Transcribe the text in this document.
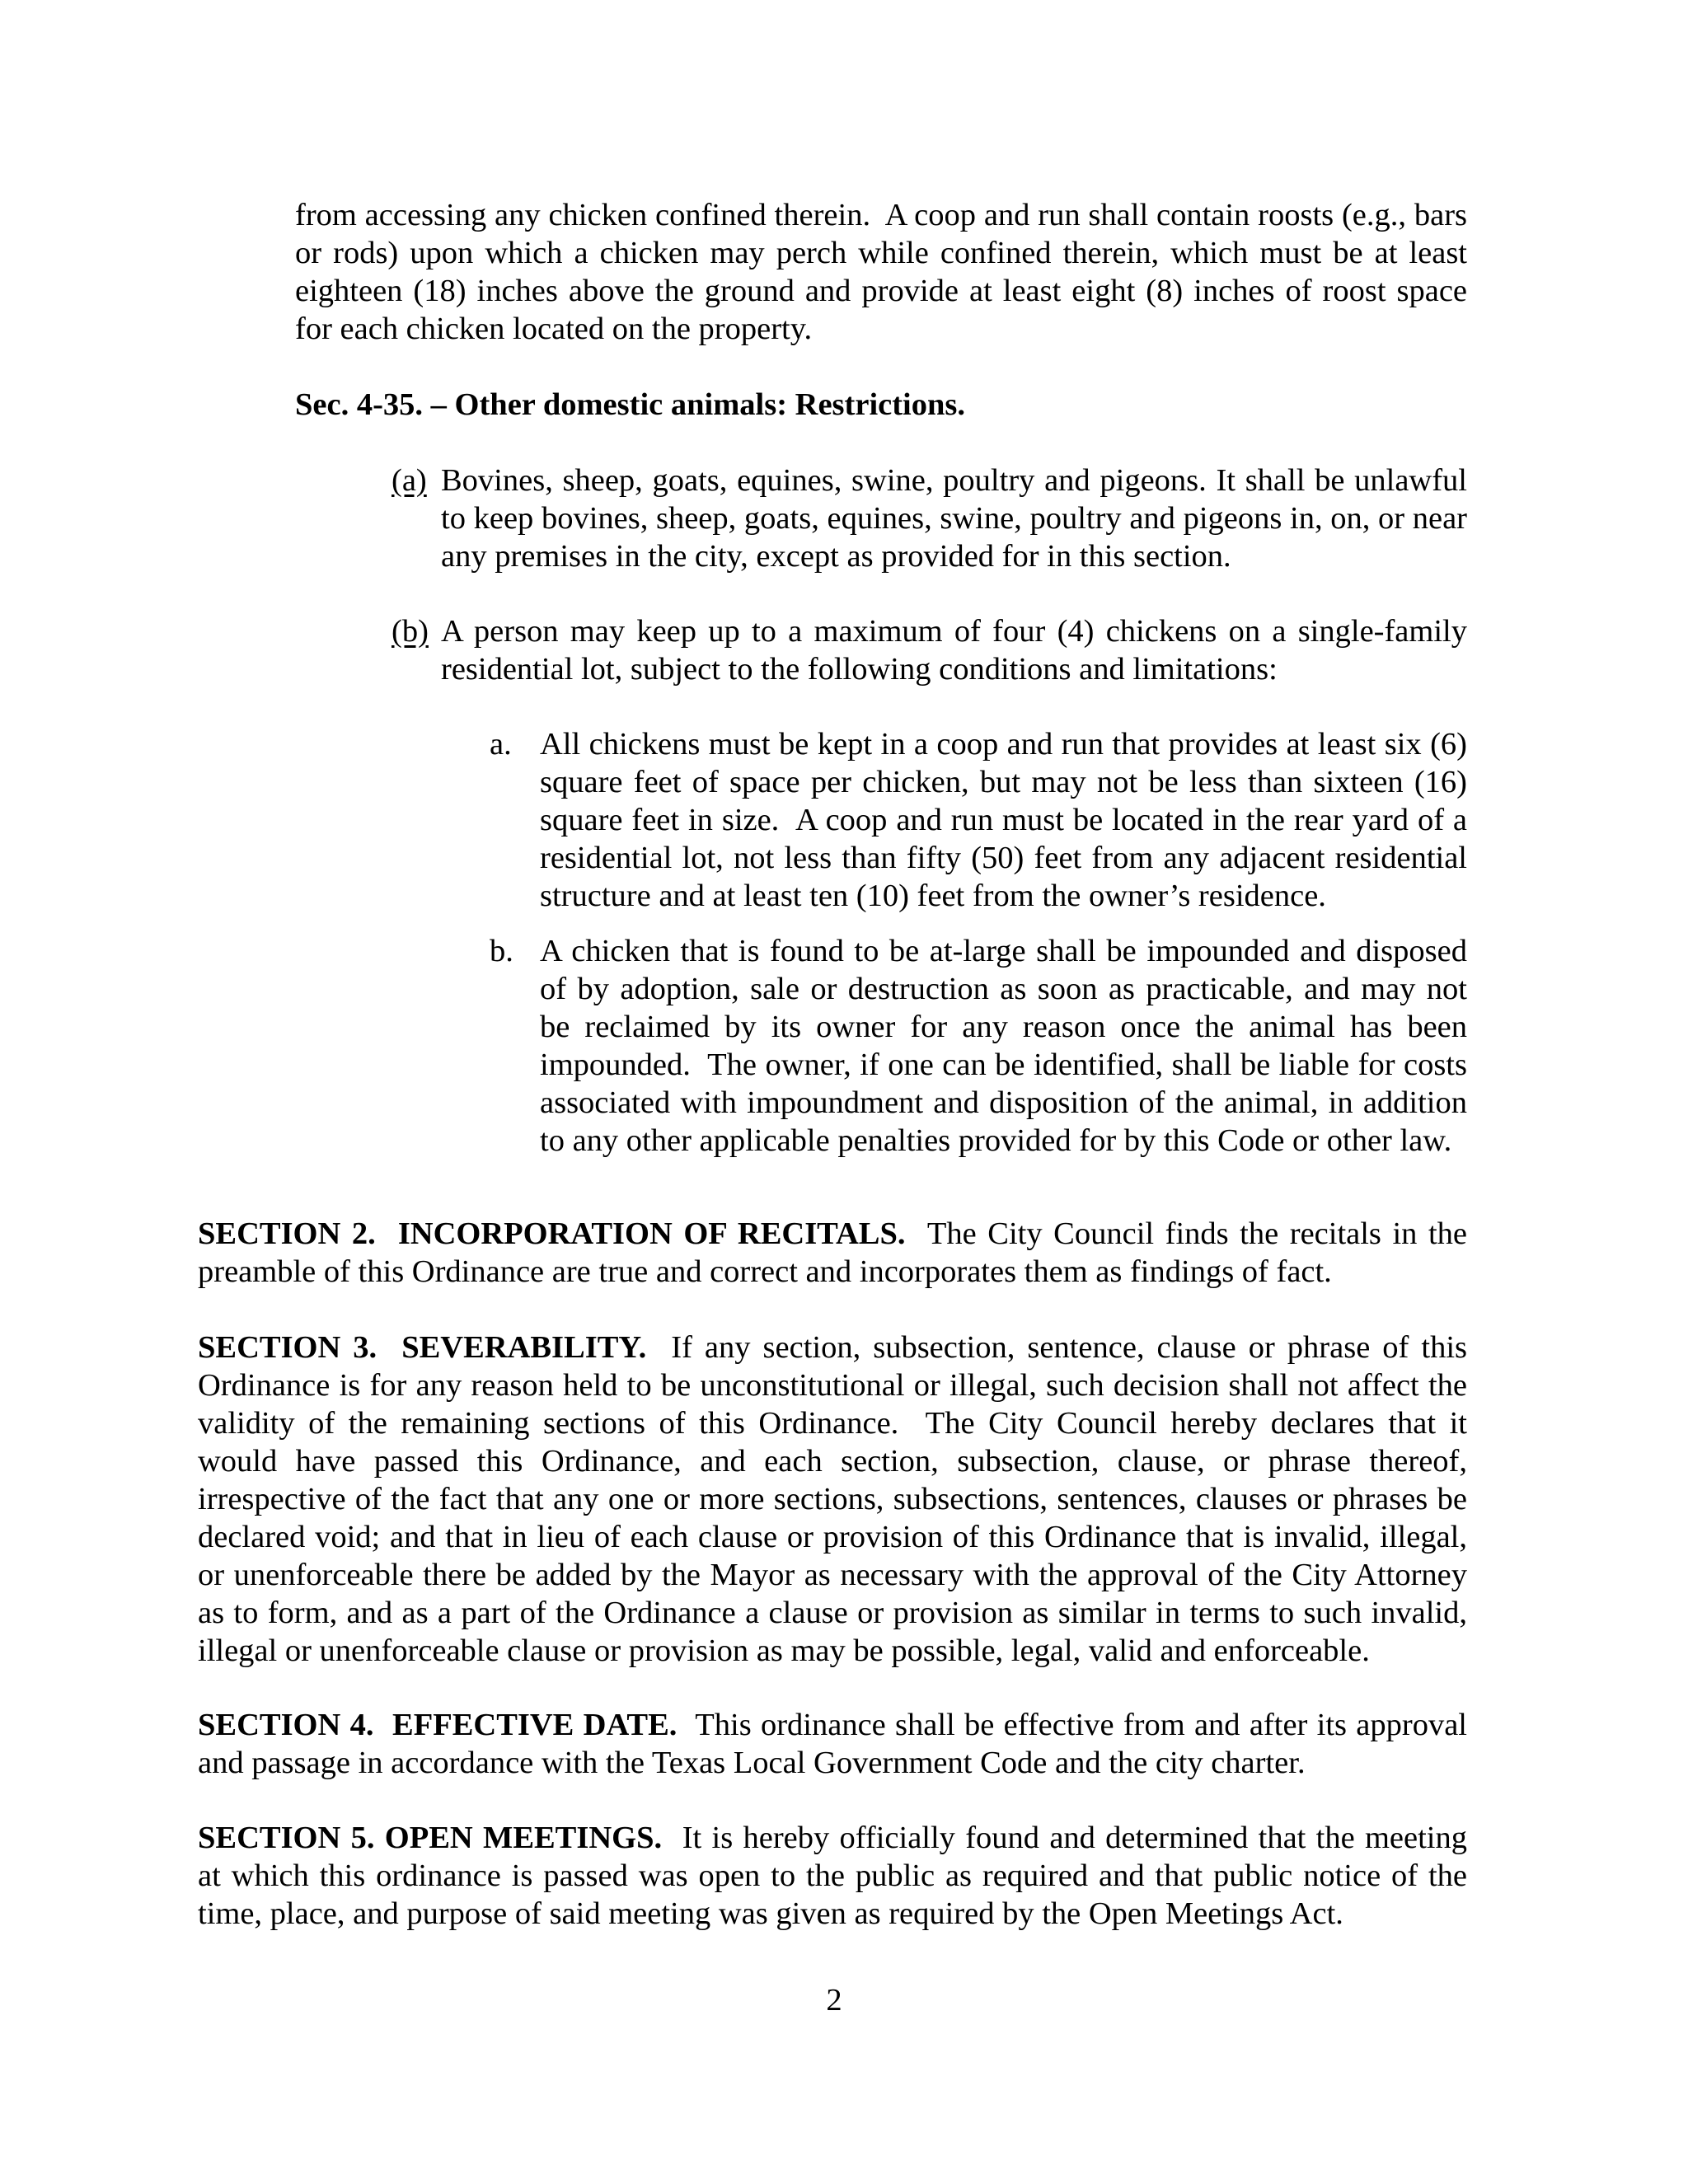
from accessing any chicken confined therein.  A coop and run shall contain roosts (e.g., bars or rods) upon which a chicken may perch while confined therein, which must be at least eighteen (18) inches above the ground and provide at least eight (8) inches of roost space for each chicken located on the property.

Sec. 4-35. – Other domestic animals: Restrictions.

(a) Bovines, sheep, goats, equines, swine, poultry and pigeons. It shall be unlawful to keep bovines, sheep, goats, equines, swine, poultry and pigeons in, on, or near any premises in the city, except as provided for in this section.

(b) A person may keep up to a maximum of four (4) chickens on a single-family residential lot, subject to the following conditions and limitations:

a. All chickens must be kept in a coop and run that provides at least six (6) square feet of space per chicken, but may not be less than sixteen (16) square feet in size.  A coop and run must be located in the rear yard of a residential lot, not less than fifty (50) feet from any adjacent residential structure and at least ten (10) feet from the owner’s residence.

b. A chicken that is found to be at-large shall be impounded and disposed of by adoption, sale or destruction as soon as practicable, and may not be reclaimed by its owner for any reason once the animal has been impounded.  The owner, if one can be identified, shall be liable for costs associated with impoundment and disposition of the animal, in addition to any other applicable penalties provided for by this Code or other law.

SECTION 2.  INCORPORATION OF RECITALS.  The City Council finds the recitals in the preamble of this Ordinance are true and correct and incorporates them as findings of fact.

SECTION 3.  SEVERABILITY.  If any section, subsection, sentence, clause or phrase of this Ordinance is for any reason held to be unconstitutional or illegal, such decision shall not affect the validity of the remaining sections of this Ordinance.  The City Council hereby declares that it would have passed this Ordinance, and each section, subsection, clause, or phrase thereof, irrespective of the fact that any one or more sections, subsections, sentences, clauses or phrases be declared void; and that in lieu of each clause or provision of this Ordinance that is invalid, illegal, or unenforceable there be added by the Mayor as necessary with the approval of the City Attorney as to form, and as a part of the Ordinance a clause or provision as similar in terms to such invalid, illegal or unenforceable clause or provision as may be possible, legal, valid and enforceable.

SECTION 4.  EFFECTIVE DATE.  This ordinance shall be effective from and after its approval and passage in accordance with the Texas Local Government Code and the city charter.

SECTION 5. OPEN MEETINGS.  It is hereby officially found and determined that the meeting at which this ordinance is passed was open to the public as required and that public notice of the time, place, and purpose of said meeting was given as required by the Open Meetings Act.

2
